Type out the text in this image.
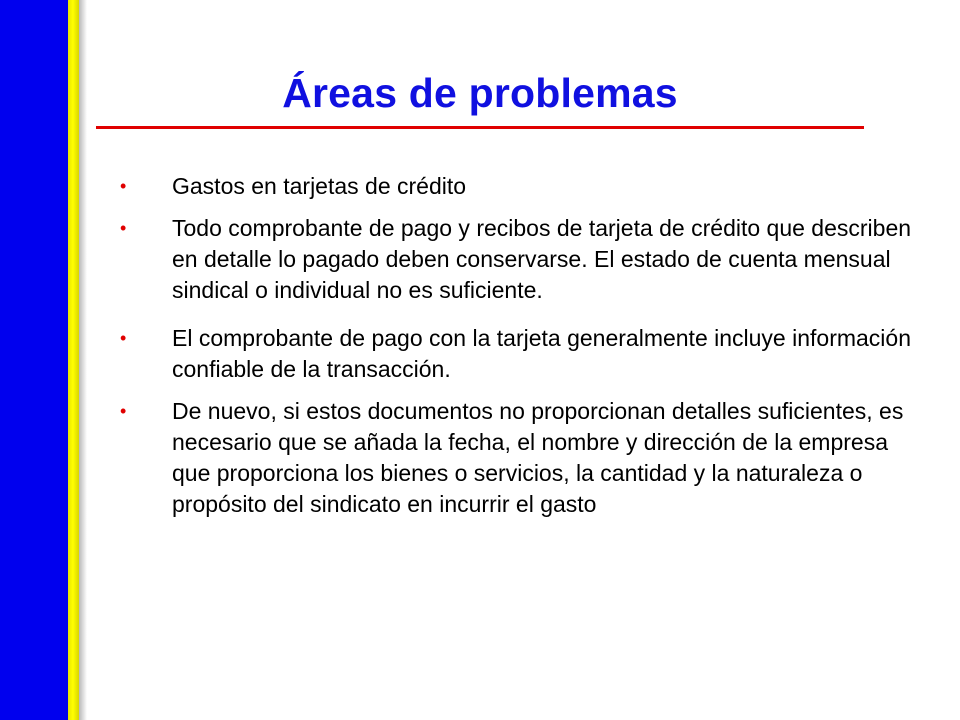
Áreas de problemas
• Gastos en tarjetas de crédito
• Todo comprobante de pago y recibos de tarjeta de crédito que describen en detalle lo pagado deben conservarse. El estado de cuenta mensual sindical o individual no es suficiente.
• El comprobante de pago con la tarjeta generalmente incluye información confiable de la transacción.
• De nuevo, si estos documentos no proporcionan detalles suficientes, es necesario que se añada la fecha, el nombre y dirección de la empresa que proporciona los bienes o servicios, la cantidad y la naturaleza o propósito del sindicato en incurrir el gasto
